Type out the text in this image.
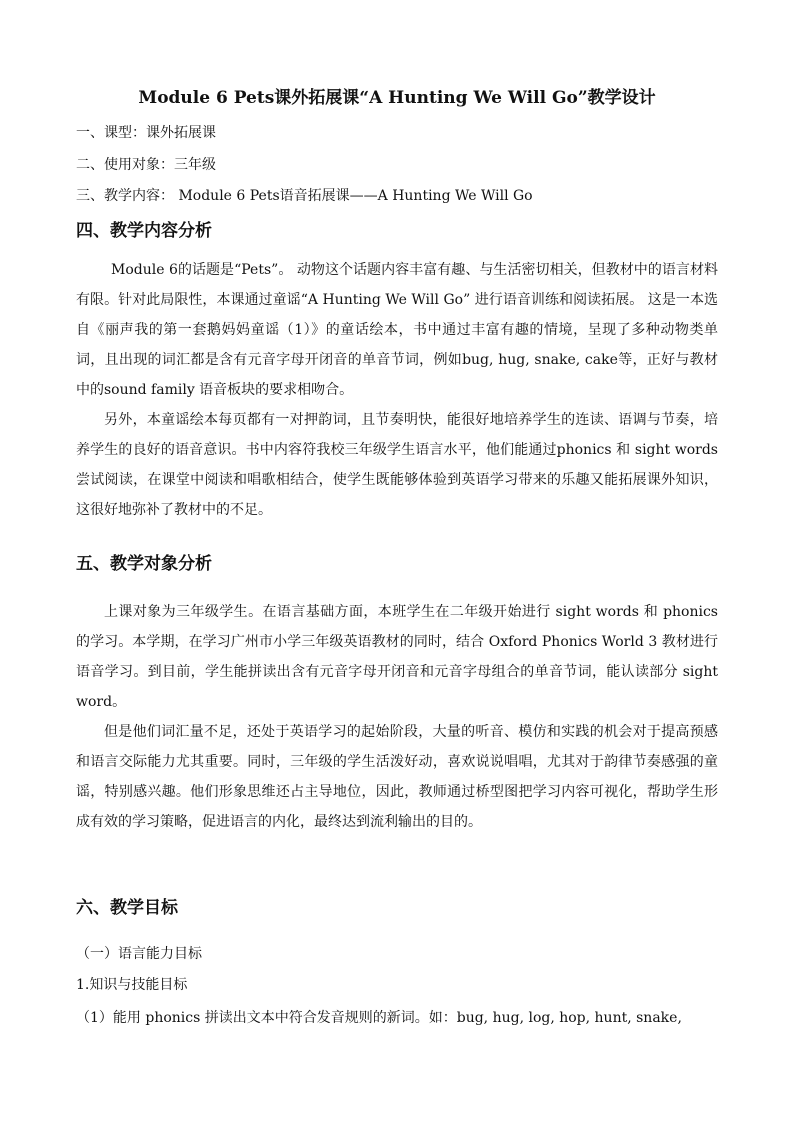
Module 6 Pets课外拓展课“A Hunting We Will Go”教学设计
一、课型：课外拓展课
二、使用对象：三年级
三、教学内容： Module 6 Pets语音拓展课——A Hunting We Will Go
四、教学内容分析
Module 6的话题是“Pets”。 动物这个话题内容丰富有趣、与生活密切相关，但教材中的语言材料有限。针对此局限性，本课通过童谣“A Hunting We Will Go” 进行语音训练和阅读拓展。 这是一本选自《丽声我的第一套鹅妈妈童谣（1）》的童话绘本，书中通过丰富有趣的情境，呈现了多种动物类单词，且出现的词汇都是含有元音字母开闭音的单音节词，例如bug, hug, snake, cake等，正好与教材中的sound family 语音板块的要求相吻合。
另外，本童谣绘本每页都有一对押韵词，且节奏明快，能很好地培养学生的连读、语调与节奏，培养学生的良好的语音意识。书中内容符我校三年级学生语言水平，他们能通过phonics 和 sight words 尝试阅读，在课堂中阅读和唱歌相结合，使学生既能够体验到英语学习带来的乐趣又能拓展课外知识，这很好地弥补了教材中的不足。
五、教学对象分析
上课对象为三年级学生。在语言基础方面，本班学生在二年级开始进行 sight words 和 phonics 的学习。本学期，在学习广州市小学三年级英语教材的同时，结合 Oxford Phonics World 3 教材进行语音学习。到目前，学生能拼读出含有元音字母开闭音和元音字母组合的单音节词，能认读部分 sight word。
但是他们词汇量不足，还处于英语学习的起始阶段，大量的听音、模仿和实践的机会对于提高预感和语言交际能力尤其重要。同时，三年级的学生活泼好动，喜欢说说唱唱，尤其对于韵律节奏感强的童谣，特别感兴趣。他们形象思维还占主导地位，因此，教师通过桥型图把学习内容可视化，帮助学生形成有效的学习策略，促进语言的内化，最终达到流利输出的目的。
六、教学目标
（一）语言能力目标
1.知识与技能目标
（1）能用 phonics 拼读出文本中符合发音规则的新词。如：bug, hug, log, hop, hunt, snake,
